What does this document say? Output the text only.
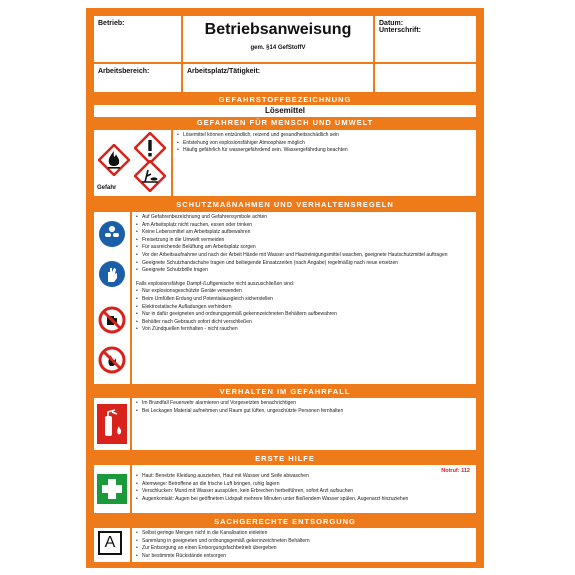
Betrieb:	Betriebsanweisung
gem. §14 GefStoffV
Datum:
Unterschrift:
Arbeitsbereich:	Arbeitsplatz/Tätigkeit:
GEFAHRSTOFFBEZEICHNUNG
Lösemittel
GEFAHREN FÜR MENSCH UND UMWELT
Gefahr
• Lösemittel können entzündlich, reizend und gesundheitsschädlich sein
• Entstehung von explosionsfähiger Atmosphäre möglich
• Häufig gefährlich für wassergefährdend sein. Wassergefährdung beachten
SCHUTZMAßNAHMEN UND VERHALTENSREGELN
• Auf Gefahrenbezeichnung und Gefahrensymbole achten
• Am Arbeitsplatz nicht rauchen, essen oder trinken
• Keine Lebensmittel am Arbeitsplatz aufbewahren
• Freisetzung in die Umwelt vermeiden
• Für ausreichende Belüftung am Arbeitsplatz sorgen
• Vor der Arbeitsaufnahme und nach der Arbeit Hände mit Wasser und Hautreinigungsmittel waschen, geeignete Hautschutzmittel auftragen
• Geeignete Schutzhandschuhe tragen und beiliegende Einsatzzeiten (nach Angabe) regelmäßig nach neue ersetzen
• Geeignete Schutzbrille tragen

Falls explosionsfähige Dampf-/Luftgemische nicht auszuschließen sind:

• Nur explosionsgeschützte Geräte verwenden
• Beim Umfüllen Erdung und Potentialausgleich sicherstellen
• Elektrostatische Aufladungen verhindern
• Nur in dafür geeigneten und ordnungsgemäß gekennzeichneten Behältern aufbewahren
• Behälter nach Gebrauch sofort dicht verschließen
• Von Zündquellen fernhalten - nicht rauchen
VERHALTEN IM GEFAHRFALL
• Im Brandfall Feuerwehr alarmieren und Vorgesetzten benachrichtigen
• Bei Leckagen Material aufnehmen und Raum gut lüften, ungeschützte Personen fernhalten
ERSTE HILFE
Notruf: 112
• Haut: Benetzte Kleidung ausziehen, Haut mit Wasser und Seife abwaschen
• Atemwege: Betroffene an die frische Luft bringen, ruhig lagern
• Verschlucken: Mund mit Wasser ausspülen, kein Erbrechen herbeiführen, sofort Arzt aufsuchen
• Augenkontakt: Augen bei geöffnetem Lidspalt mehrere Minuten unter fließendem Wasser spülen, Augenarzt hinzuziehen
SACHGERECHTE ENTSORGUNG
A
• Selbst geringe Mengen nicht in die Kanalisation einleiten
• Sammlung in geeigneten und ordnungsgemäß gekennzeichneten Behältern
• Zur Entsorgung an einen Entsorgungsfachbetrieb übergeben
• Nur bestimmte Rückstände entsorgen
